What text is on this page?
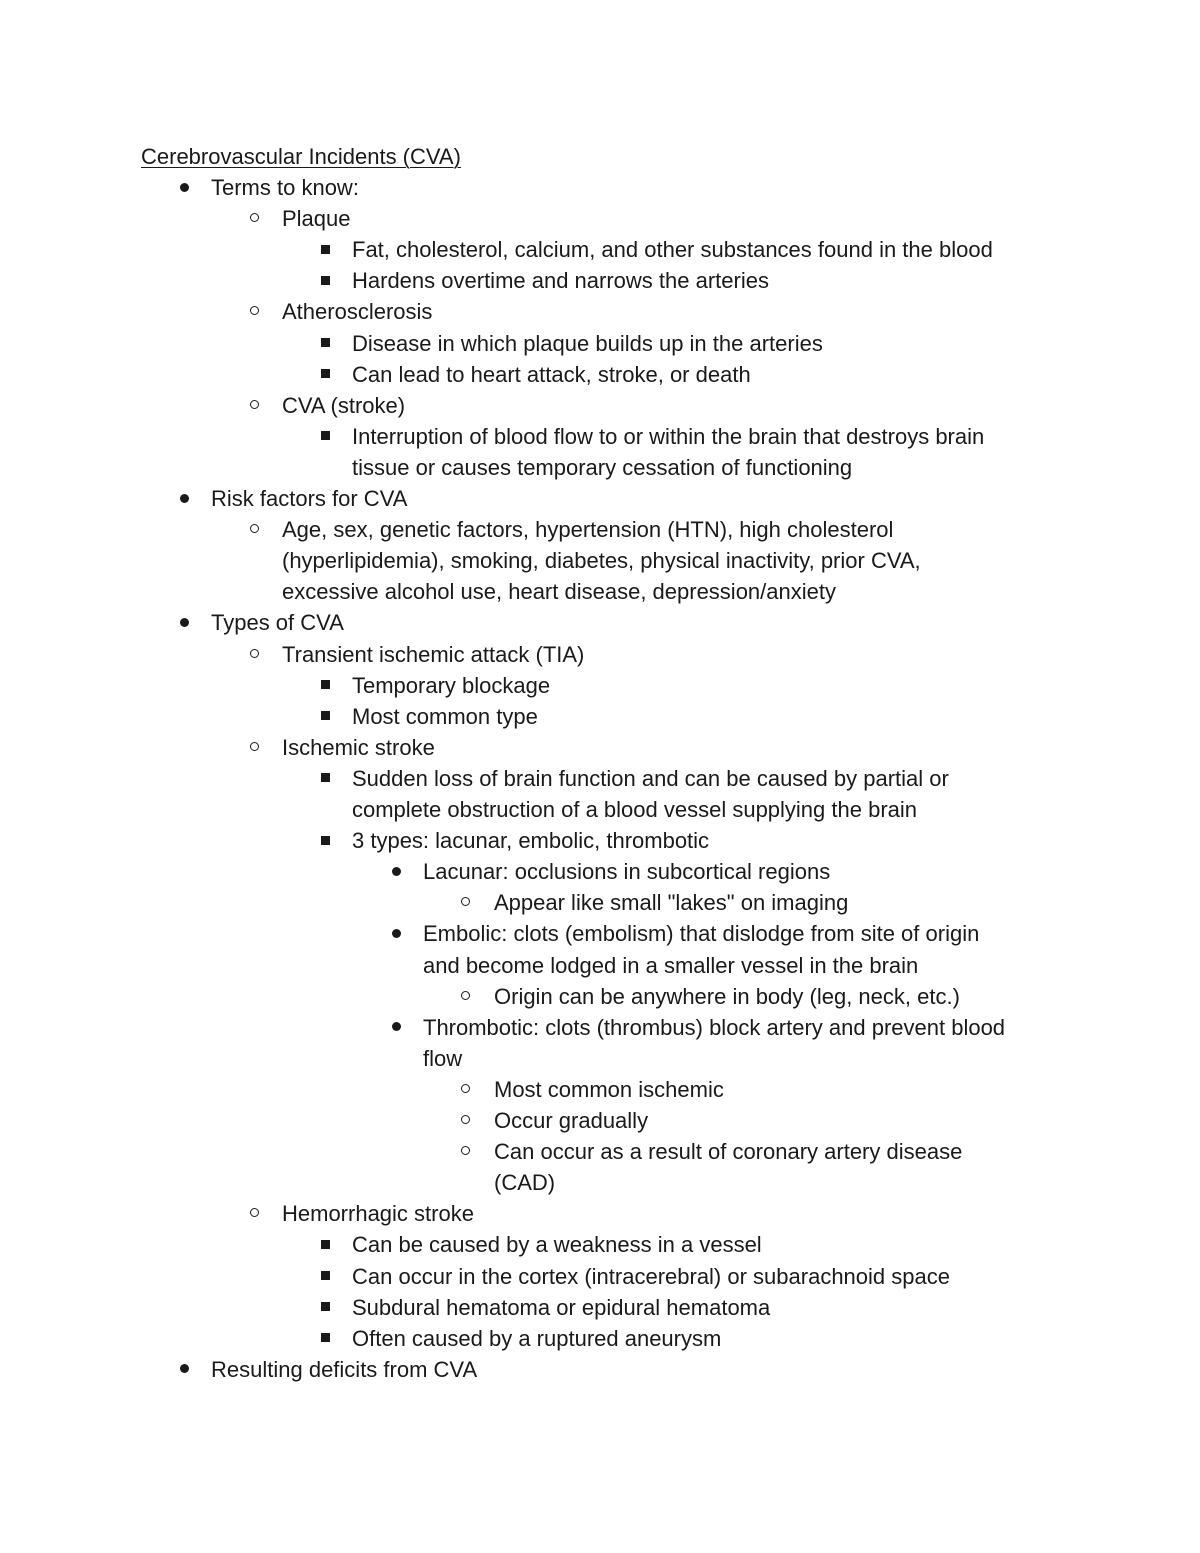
Cerebrovascular Incidents (CVA)
Terms to know:
Plaque
Fat, cholesterol, calcium, and other substances found in the blood
Hardens overtime and narrows the arteries
Atherosclerosis
Disease in which plaque builds up in the arteries
Can lead to heart attack, stroke, or death
CVA (stroke)
Interruption of blood flow to or within the brain that destroys brain
tissue or causes temporary cessation of functioning
Risk factors for CVA
Age, sex, genetic factors, hypertension (HTN), high cholesterol
(hyperlipidemia), smoking, diabetes, physical inactivity, prior CVA,
excessive alcohol use, heart disease, depression/anxiety
Types of CVA
Transient ischemic attack (TIA)
Temporary blockage
Most common type
Ischemic stroke
Sudden loss of brain function and can be caused by partial or
complete obstruction of a blood vessel supplying the brain
3 types: lacunar, embolic, thrombotic
Lacunar: occlusions in subcortical regions
Appear like small "lakes" on imaging
Embolic: clots (embolism) that dislodge from site of origin
and become lodged in a smaller vessel in the brain
Origin can be anywhere in body (leg, neck, etc.)
Thrombotic: clots (thrombus) block artery and prevent blood
flow
Most common ischemic
Occur gradually
Can occur as a result of coronary artery disease
(CAD)
Hemorrhagic stroke
Can be caused by a weakness in a vessel
Can occur in the cortex (intracerebral) or subarachnoid space
Subdural hematoma or epidural hematoma
Often caused by a ruptured aneurysm
Resulting deficits from CVA
